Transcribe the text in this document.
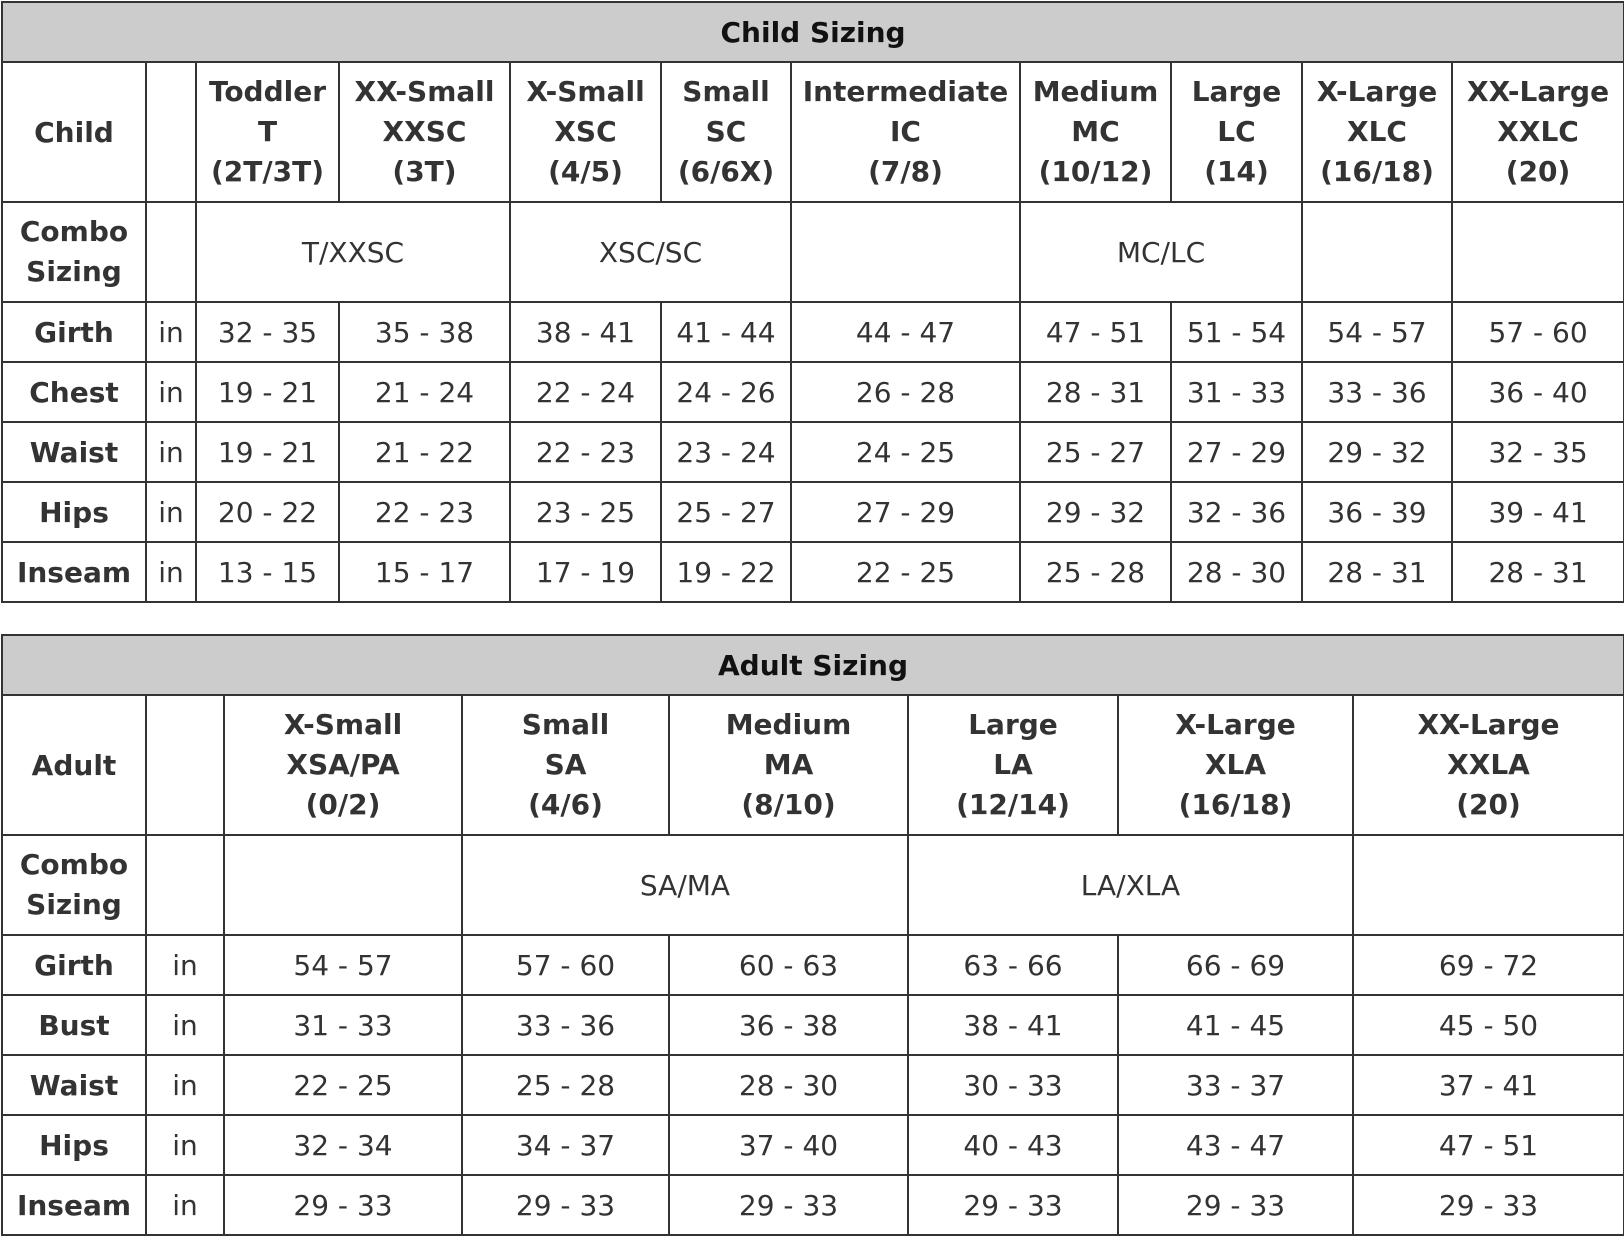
Child Sizing										
Child		Toddler
T
(2T/3T)	XX-Small
XXSC
(3T)	X-Small
XSC
(4/5)	Small
SC
(6/6X)	Intermediate
IC
(7/8)	Medium
MC
(10/12)	Large
LC
(14)	X-Large
XLC
(16/18)	XX-Large
XXLC
(20)

Combo
Sizing		T/XXSC		XSC/SC			MC/LC			
Girth	in	32 - 35	35 - 38	38 - 41	41 - 44	44 - 47	47 - 51	51 - 54	54 - 57	57 - 60
Chest	in	19 - 21	21 - 24	22 - 24	24 - 26	26 - 28	28 - 31	31 - 33	33 - 36	36 - 40
Waist	in	19 - 21	21 - 22	22 - 23	23 - 24	24 - 25	25 - 27	27 - 29	29 - 32	32 - 35
Hips	in	20 - 22	22 - 23	23 - 25	25 - 27	27 - 29	29 - 32	32 - 36	36 - 39	39 - 41
Inseam	in	13 - 15	15 - 17	17 - 19	19 - 22	22 - 25	25 - 28	28 - 30	28 - 31	28 - 31
Adult Sizing							
Adult		X-Small
XSA/PA
(0/2)	Small
SA
(4/6)	Medium
MA
(8/10)	Large
LA
(12/14)	X-Large
XLA
(16/18)	XX-Large
XXLA
(20)

Combo
Sizing			SA/MA		LA/XLA		
Girth	in	54 - 57	57 - 60	60 - 63	63 - 66	66 - 69	69 - 72
Bust	in	31 - 33	33 - 36	36 - 38	38 - 41	41 - 45	45 - 50
Waist	in	22 - 25	25 - 28	28 - 30	30 - 33	33 - 37	37 - 41
Hips	in	32 - 34	34 - 37	37 - 40	40 - 43	43 - 47	47 - 51
Inseam	in	29 - 33	29 - 33	29 - 33	29 - 33	29 - 33	29 - 33
